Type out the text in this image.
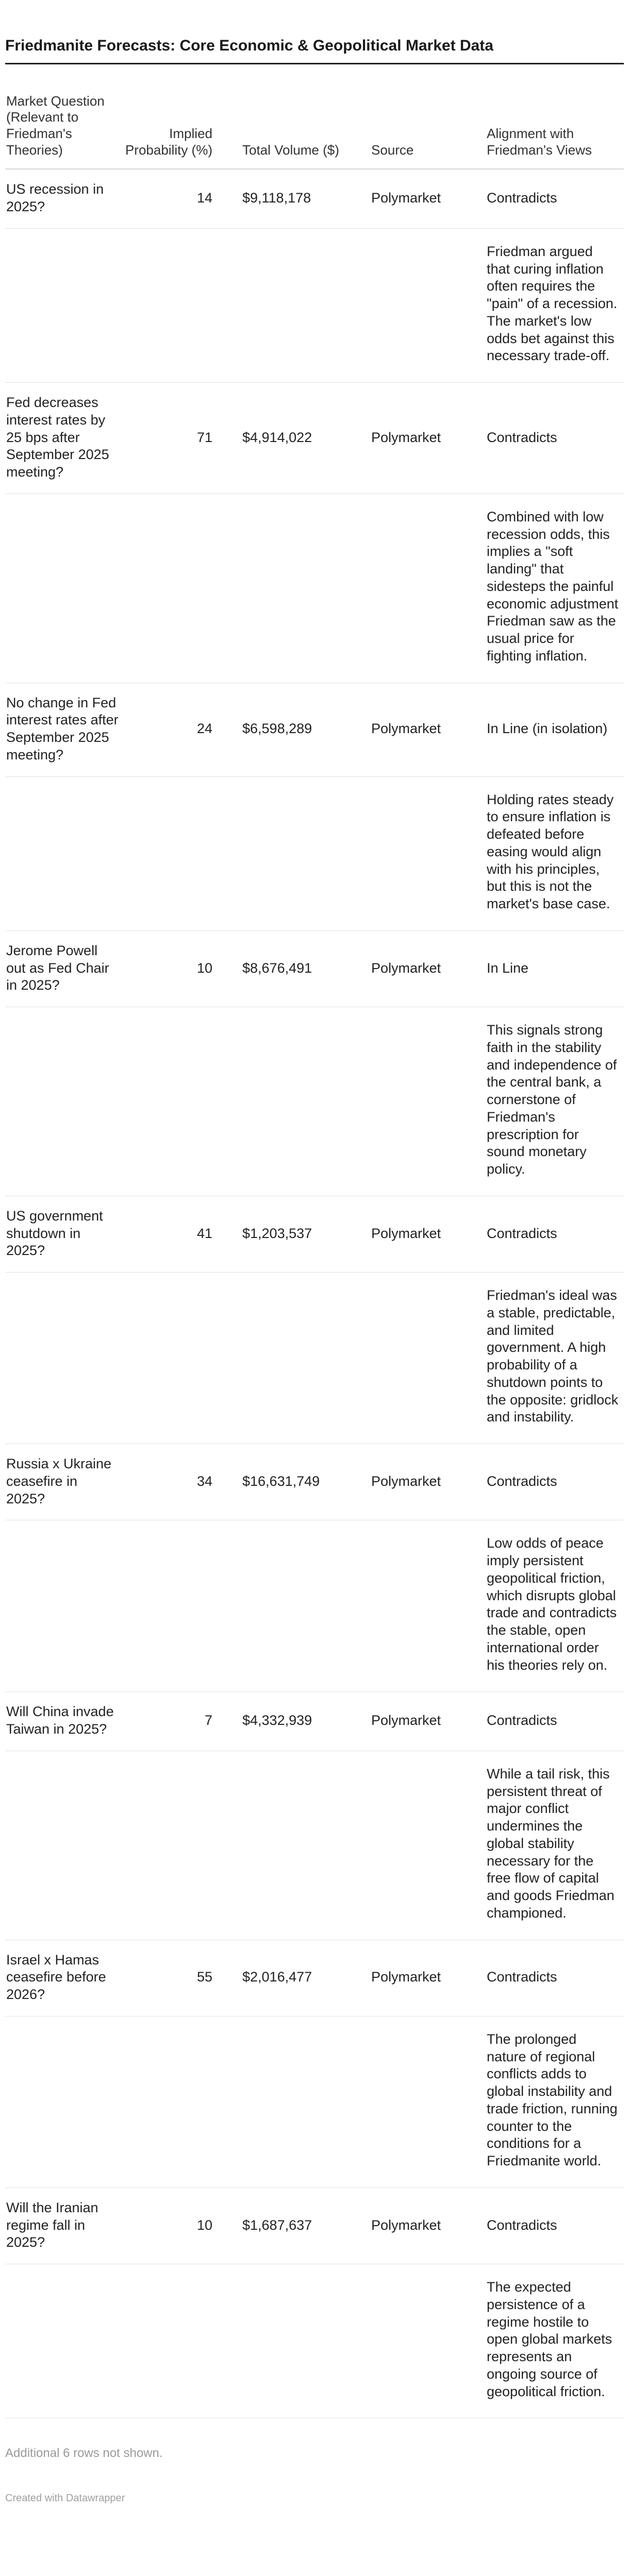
Friedmanite Forecasts: Core Economic & Geopolitical Market Data
Market Question (Relevant to Friedman's Theories)	Implied Probability (%)	Total Volume ($)	Source	Alignment with Friedman's Views
US recession in 2025?	14	$9,118,178	Polymarket	Contradicts
				Friedman argued that curing inflation often requires the "pain" of a recession. The market's low odds bet against this necessary trade-off.
Fed decreases interest rates by 25 bps after September 2025 meeting?	71	$4,914,022	Polymarket	Contradicts
				Combined with low recession odds, this implies a "soft landing" that sidesteps the painful economic adjustment Friedman saw as the usual price for fighting inflation.
No change in Fed interest rates after September 2025 meeting?	24	$6,598,289	Polymarket	In Line (in isolation)
				Holding rates steady to ensure inflation is defeated before easing would align with his principles, but this is not the market's base case.
Jerome Powell out as Fed Chair in 2025?	10	$8,676,491	Polymarket	In Line
				This signals strong faith in the stability and independence of the central bank, a cornerstone of Friedman's prescription for sound monetary policy.
US government shutdown in 2025?	41	$1,203,537	Polymarket	Contradicts
				Friedman's ideal was a stable, predictable, and limited government. A high probability of a shutdown points to the opposite: gridlock and instability.
Russia x Ukraine ceasefire in 2025?	34	$16,631,749	Polymarket	Contradicts
				Low odds of peace imply persistent geopolitical friction, which disrupts global trade and contradicts the stable, open international order his theories rely on.
Will China invade Taiwan in 2025?	7	$4,332,939	Polymarket	Contradicts
				While a tail risk, this persistent threat of major conflict undermines the global stability necessary for the free flow of capital and goods Friedman championed.
Israel x Hamas ceasefire before 2026?	55	$2,016,477	Polymarket	Contradicts
				The prolonged nature of regional conflicts adds to global instability and trade friction, running counter to the conditions for a Friedmanite world.
Will the Iranian regime fall in 2025?	10	$1,687,637	Polymarket	Contradicts
				The expected persistence of a regime hostile to open global markets represents an ongoing source of geopolitical friction.
Additional 6 rows not shown.
Created with Datawrapper
